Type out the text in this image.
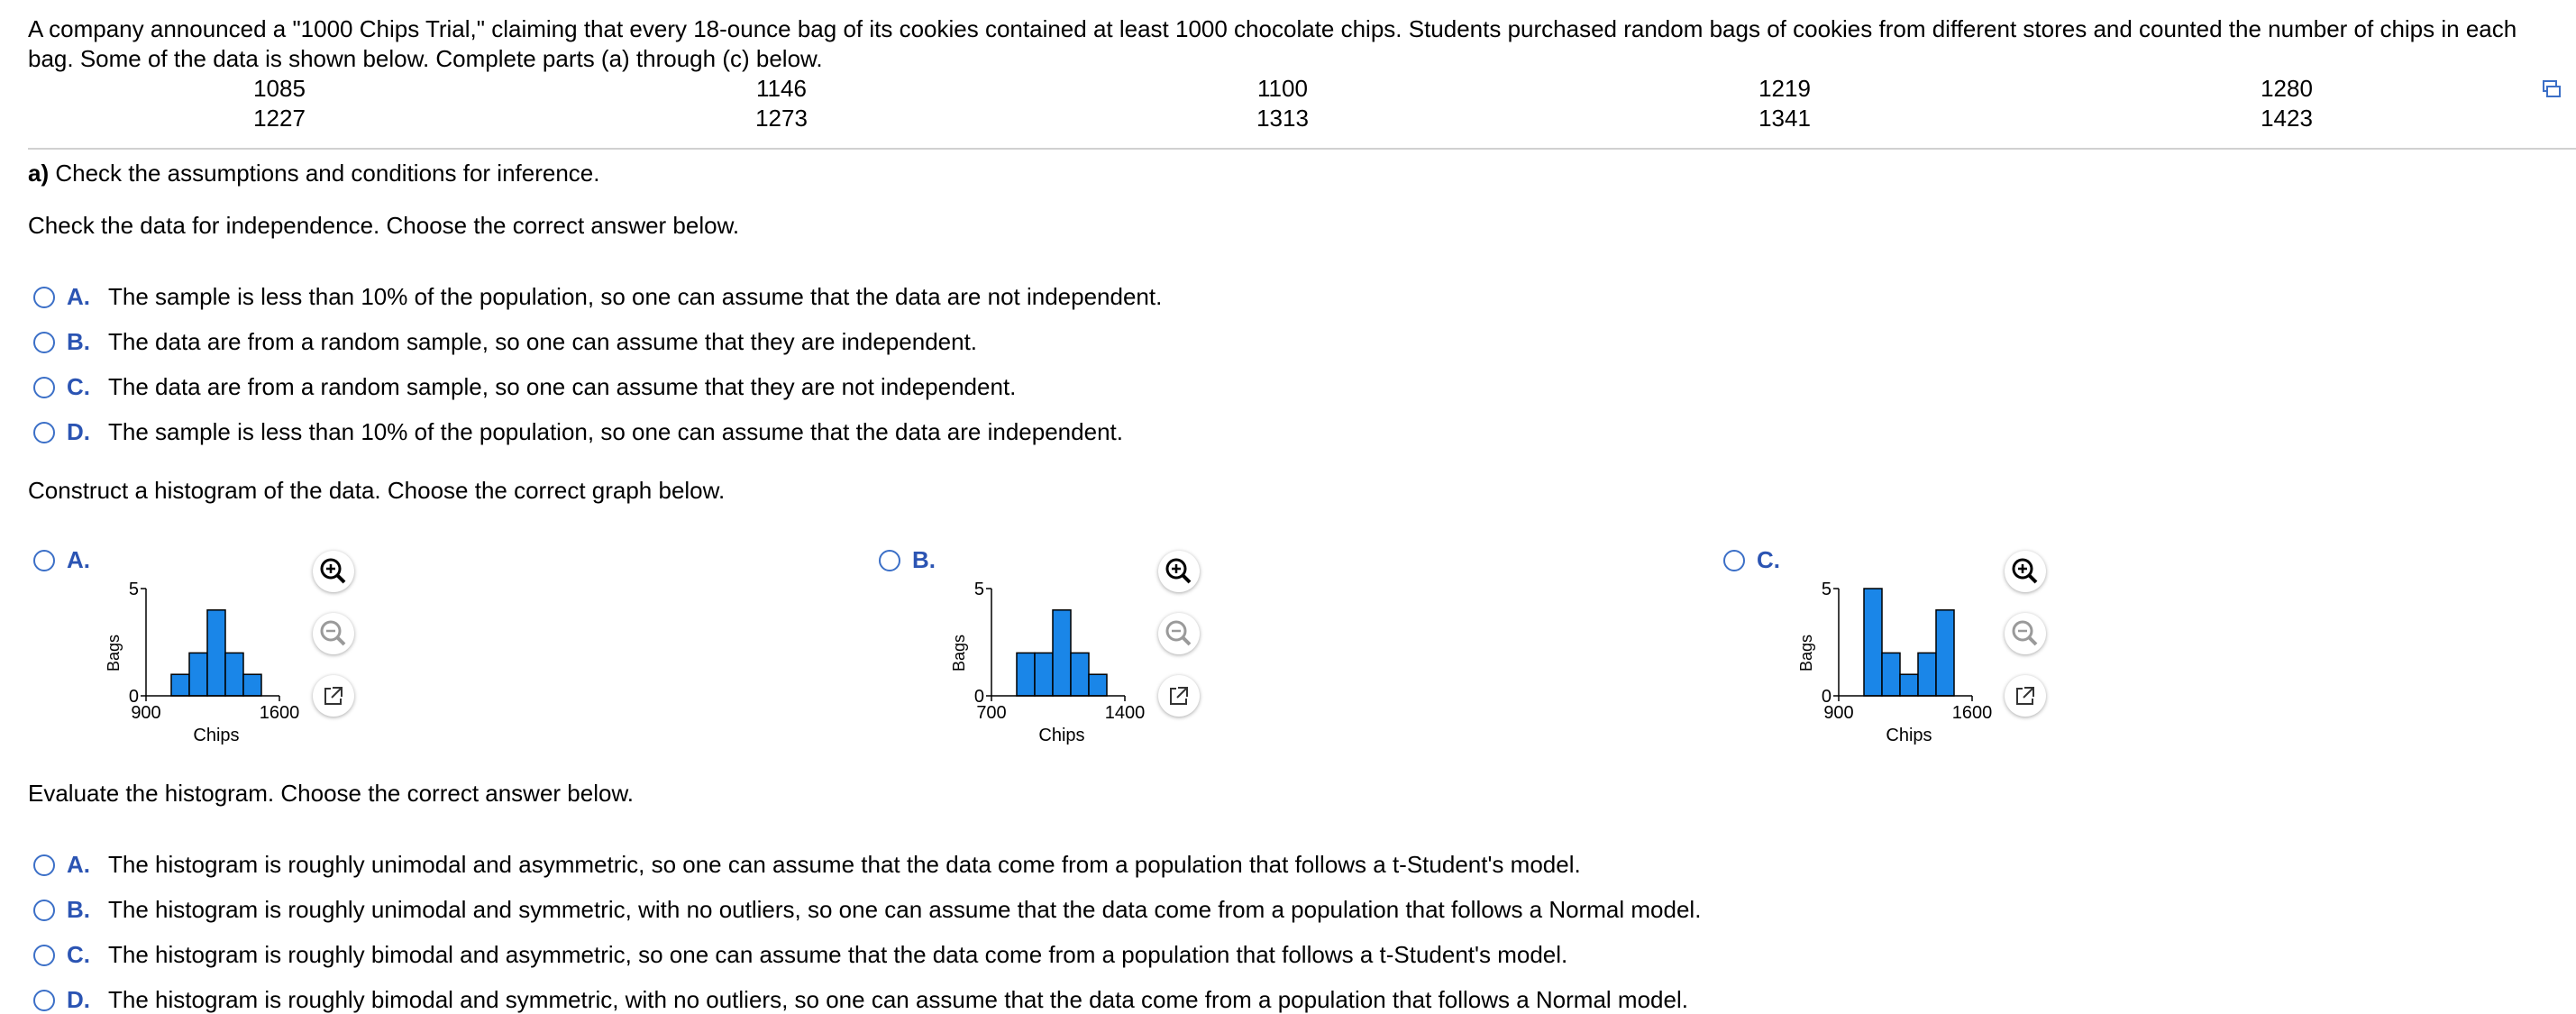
A company announced a "1000 Chips Trial," claiming that every 18-ounce bag of its cookies contained at least 1000 chocolate chips. Students purchased random bags of cookies from different stores and counted the number of chips in each bag. Some of the data is shown below. Complete parts (a) through (c) below.
1085	1146	1100	1219	1280
1227	1273	1313	1341	1423
a) Check the assumptions and conditions for inference.
Check the data for independence. Choose the correct answer below.
A. The sample is less than 10% of the population, so one can assume that the data are not independent.
B. The data are from a random sample, so one can assume that they are independent.
C. The data are from a random sample, so one can assume that they are not independent.
D. The sample is less than 10% of the population, so one can assume that the data are independent.
Construct a histogram of the data. Choose the correct graph below.
A.
0
5
900	1600
Chips
Bags
B.
0
5
700	1400
Chips
Bags
C.
0
5
900	1600
Chips
Bags
Evaluate the histogram. Choose the correct answer below.
A. The histogram is roughly unimodal and asymmetric, so one can assume that the data come from a population that follows a t-Student's model.
B. The histogram is roughly unimodal and symmetric, with no outliers, so one can assume that the data come from a population that follows a Normal model.
C. The histogram is roughly bimodal and asymmetric, so one can assume that the data come from a population that follows a t-Student's model.
D. The histogram is roughly bimodal and symmetric, with no outliers, so one can assume that the data come from a population that follows a Normal model.
